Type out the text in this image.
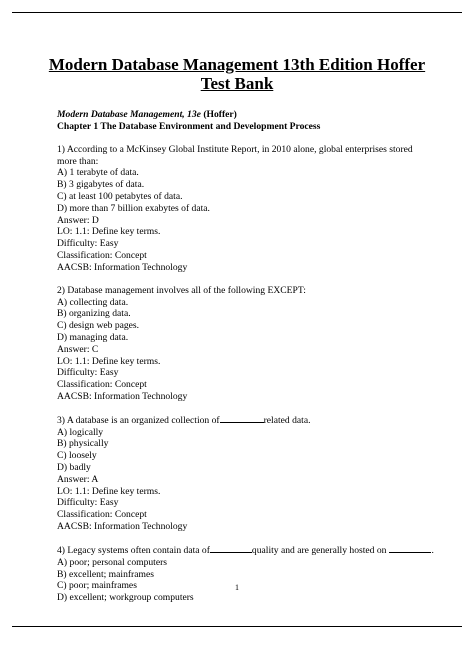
Modern Database Management 13th Edition Hoffer
Test Bank
Modern Database Management, 13e (Hoffer)
Chapter 1 The Database Environment and Development Process
1) According to a McKinsey Global Institute Report, in 2010 alone, global enterprises stored
more than:
A) 1 terabyte of data.
B) 3 gigabytes of data.
C) at least 100 petabytes of data.
D) more than 7 billion exabytes of data.
Answer: D
LO: 1.1: Define key terms.
Difficulty: Easy
Classification: Concept
AACSB: Information Technology
2) Database management involves all of the following EXCEPT:
A) collecting data.
B) organizing data.
C) design web pages.
D) managing data.
Answer: C
LO: 1.1: Define key terms.
Difficulty: Easy
Classification: Concept
AACSB: Information Technology
3) A database is an organized collection of	related data.
A) logically
B) physically
C) loosely
D) badly
Answer: A
LO: 1.1: Define key terms.
Difficulty: Easy
Classification: Concept
AACSB: Information Technology
4) Legacy systems often contain data of	quality and are generally hosted on	.
A) poor; personal computers
B) excellent; mainframes
C) poor; mainframes
D) excellent; workgroup computers
1
